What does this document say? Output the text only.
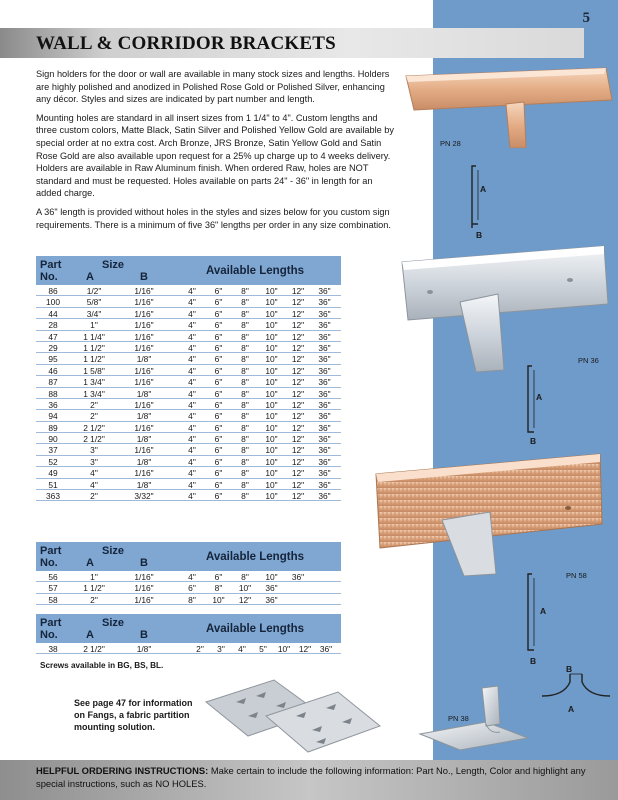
5
WALL & CORRIDOR BRACKETS

Sign holders for the door or wall are available in many stock sizes and lengths. Holders are highly polished and anodized in Polished Rose Gold or Polished Silver, enhancing any décor. Styles and sizes are indicated by part number and length.

Mounting holes are standard in all insert sizes from 1 1/4" to 4". Custom lengths and three custom colors, Matte Black, Satin Silver and Polished Yellow Gold are available by special order at no extra cost. Arch Bronze, JRS Bronze, Satin Yellow Gold and Satin Rose Gold are also available upon request for a 25% up charge up to 4 weeks delivery. Holders are available in Raw Aluminum finish. When ordered Raw, holes are NOT standard and must be requested. Holes available on parts 24" - 36" in length for an added charge.

A 36" length is provided without holes in the styles and sizes below for you custom sign requirements. There is a minimum of five 36" lengths per order in any size combination.

Part
No.
Size
A	B	Available Lengths
86	1/2"	1/16"	4"	6"	8"	10"	12"	36"
100	5/8"	1/16"	4"	6"	8"	10"	12"	36"
44	3/4"	1/16"	4"	6"	8"	10"	12"	36"
28	1"	1/16"	4"	6"	8"	10"	12"	36"
47	1 1/4"	1/16"	4"	6"	8"	10"	12"	36"
29	1 1/2"	1/16"	4"	6"	8"	10"	12"	36"
95	1 1/2"	1/8"	4"	6"	8"	10"	12"	36"
46	1 5/8"	1/16"	4"	6"	8"	10"	12"	36"
87	1 3/4"	1/16"	4"	6"	8"	10"	12"	36"
88	1 3/4"	1/8"	4"	6"	8"	10"	12"	36"
36	2"	1/16"	4"	6"	8"	10"	12"	36"
94	2"	1/8"	4"	6"	8"	10"	12"	36"
89	2 1/2"	1/16"	4"	6"	8"	10"	12"	36"
90	2 1/2"	1/8"	4"	6"	8"	10"	12"	36"
37	3"	1/16"	4"	6"	8"	10"	12"	36"
52	3"	1/8"	4"	6"	8"	10"	12"	36"
49	4"	1/16"	4"	6"	8"	10"	12"	36"
51	4"	1/8"	4"	6"	8"	10"	12"	36"
363	2"	3/32"	4"	6"	8"	10"	12"	36"
Part
No.
Size
A	B	Available Lengths
56	1"	1/16"	4"	6"	8"	10"	36"
57	1 1/2"	1/16"	6"	8"	10"	36"
58	2"	1/16"	8"	10"	12"	36"
Part
No.
Size
A	B	Available Lengths
38	2 1/2"	1/8"	2"	3"	4"	5"	10"	12"	36"
Screws available in BG, BS, BL.
See page 47 for information on Fangs, a fabric partition mounting solution.
PN 28
A
B
PN 36
A
B
PN 58
A
B
PN 38
B
A
HELPFUL ORDERING INSTRUCTIONS: Make certain to include the following information: Part No., Length, Color and highlight any special instructions, such as NO HOLES.
